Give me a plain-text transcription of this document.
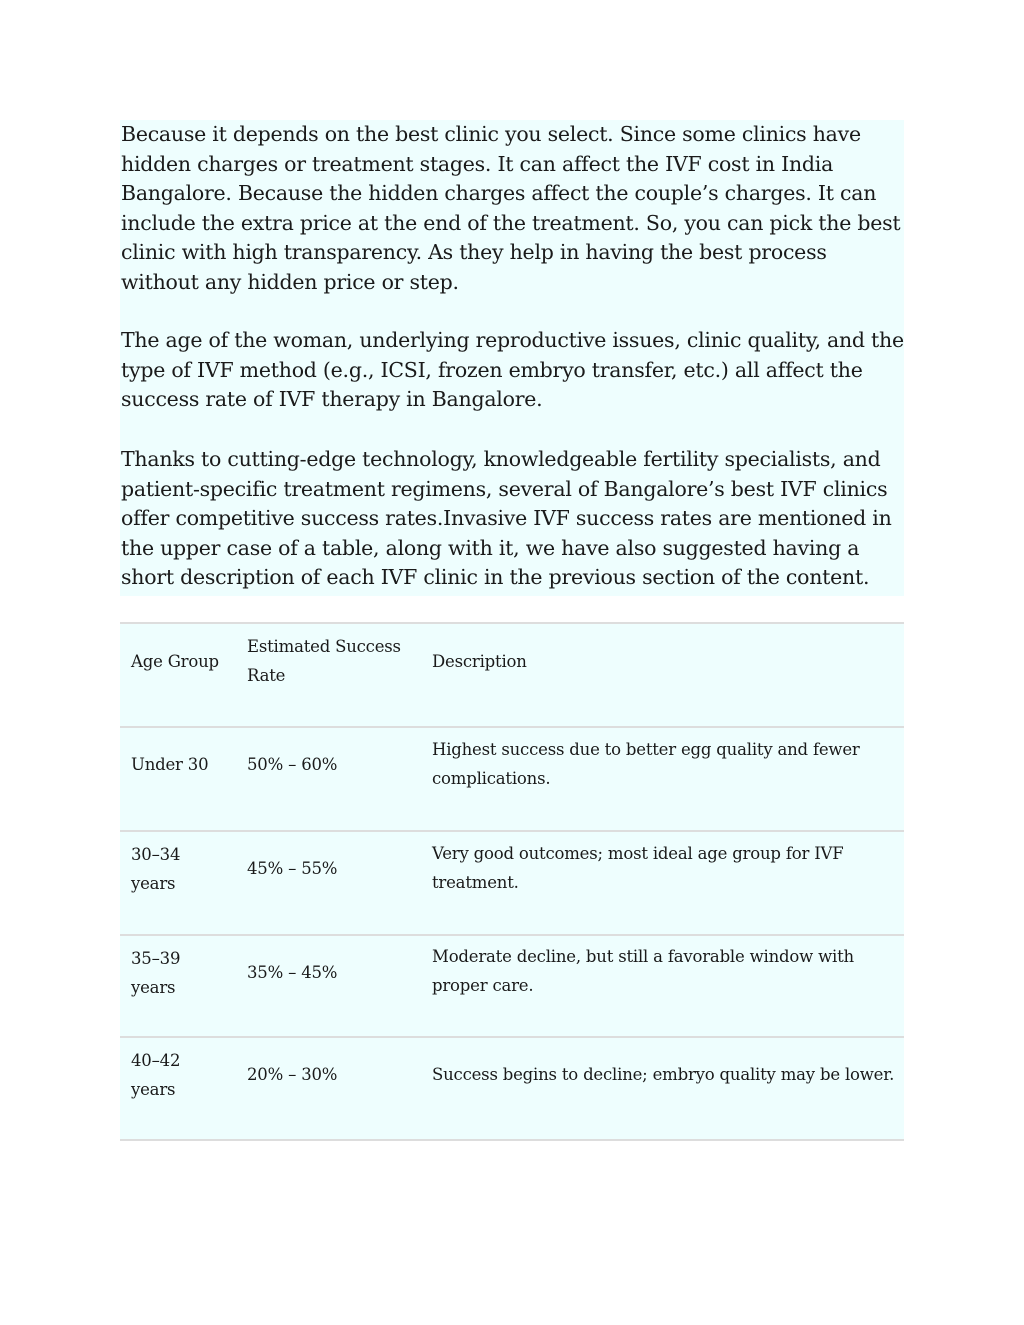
Because it depends on the best clinic you select. Since some clinics have hidden charges or treatment stages. It can affect the IVF cost in India Bangalore. Because the hidden charges affect the couple’s charges. It can include the extra price at the end of the treatment. So, you can pick the best clinic with high transparency. As they help in having the best process without any hidden price or step.

The age of the woman, underlying reproductive issues, clinic quality, and the type of IVF method (e.g., ICSI, frozen embryo transfer, etc.) all affect the success rate of IVF therapy in Bangalore.

Thanks to cutting-edge technology, knowledgeable fertility specialists, and patient-specific treatment regimens, several of Bangalore’s best IVF clinics offer competitive success rates.Invasive IVF success rates are mentioned in the upper case of a table, along with it, we have also suggested having a short description of each IVF clinic in the previous section of the content.

Age Group
Estimated Success Rate
Description
Under 30	50% – 60%
Highest success due to better egg quality and fewer complications.
30–34 years
45% – 55%
Very good outcomes; most ideal age group for IVF treatment.
35–39 years
35% – 45%
Moderate decline, but still a favorable window with proper care.
40–42 years
20% – 30%	Success begins to decline; embryo quality may be lower.
